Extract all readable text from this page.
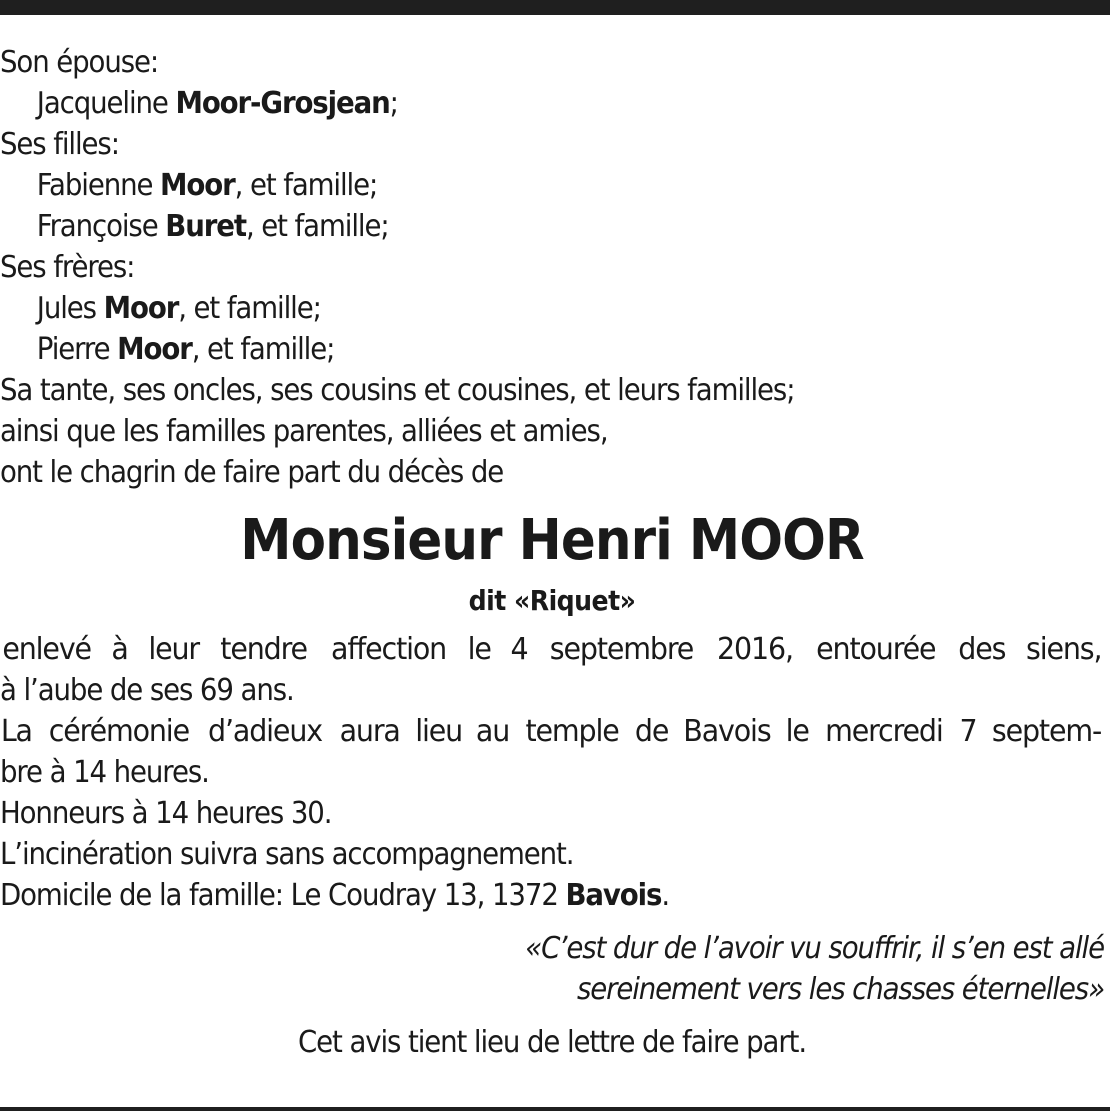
Son épouse:
Jacqueline Moor-Grosjean;
Ses filles:
Fabienne Moor, et famille;
Françoise Buret, et famille;
Ses frères:
Jules Moor, et famille;
Pierre Moor, et famille;
Sa tante, ses oncles, ses cousins et cousines, et leurs familles;
ainsi que les familles parentes, alliées et amies,
ont le chagrin de faire part du décès de
Monsieur Henri MOOR
dit «Riquet»
enlevé à leur tendre affection le 4 septembre 2016, entourée des siens,
à l’aube de ses 69 ans.
La cérémonie d’adieux aura lieu au temple de Bavois le mercredi 7 septem-
bre à 14 heures.
Honneurs à 14 heures 30.
L’incinération suivra sans accompagnement.
Domicile de la famille: Le Coudray 13, 1372 Bavois.
«C’est dur de l’avoir vu souffrir, il s’en est allé
sereinement vers les chasses éternelles»
Cet avis tient lieu de lettre de faire part.
